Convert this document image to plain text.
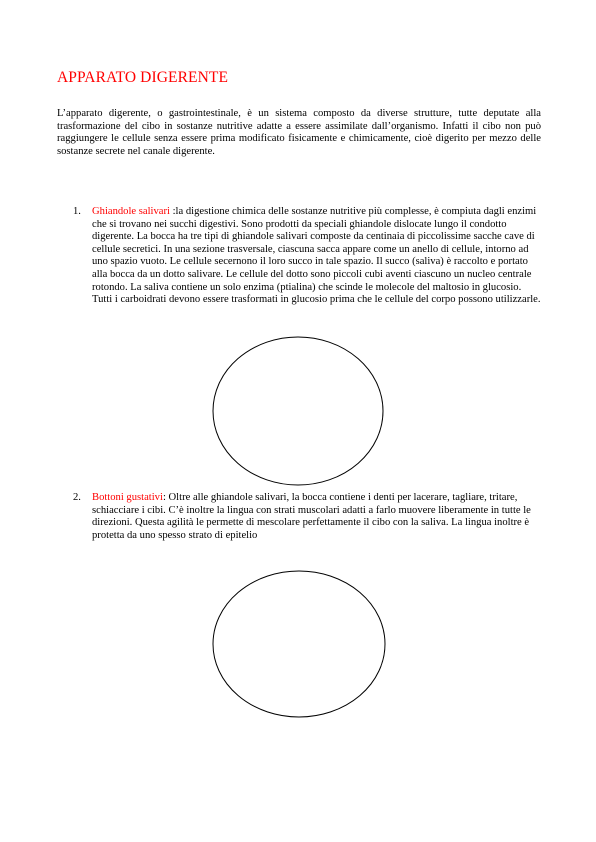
APPARATO DIGERENTE

L’apparato digerente, o gastrointestinale, è un sistema composto da diverse strutture, tutte deputate alla trasformazione del cibo in sostanze nutritive adatte a essere assimilate dall’organismo. Infatti il cibo non può raggiungere le cellule senza essere prima modificato fisicamente e chimicamente, cioè digerito per mezzo delle sostanze secrete nel canale digerente.

1. Ghiandole salivari :la digestione chimica delle sostanze nutritive più complesse, è compiuta dagli enzimi che si trovano nei succhi digestivi. Sono prodotti da speciali ghiandole dislocate lungo il condotto digerente. La bocca ha tre tipi di ghiandole salivari composte da centinaia di piccolissime sacche cave di cellule secretici. In una sezione trasversale, ciascuna sacca appare come un anello di cellule, intorno ad uno spazio vuoto. Le cellule secernono il loro succo in tale spazio. Il succo (saliva) è raccolto e portato alla bocca da un dotto salivare. Le cellule del dotto sono piccoli cubi aventi ciascuno un nucleo centrale rotondo. La saliva contiene un solo enzima (ptialina) che scinde le molecole del maltosio in glucosio. Tutti i carboidrati devono essere trasformati in glucosio prima che le cellule del corpo possono utilizzarle.
2. Bottoni gustativi: Oltre alle ghiandole salivari, la bocca contiene i denti per lacerare, tagliare, tritare, schiacciare i cibi. C’è inoltre la lingua con strati muscolari adatti a farlo muovere liberamente in tutte le direzioni. Questa agilità le permette di mescolare perfettamente il cibo con la saliva. La lingua inoltre è protetta da uno spesso strato di epitelio
